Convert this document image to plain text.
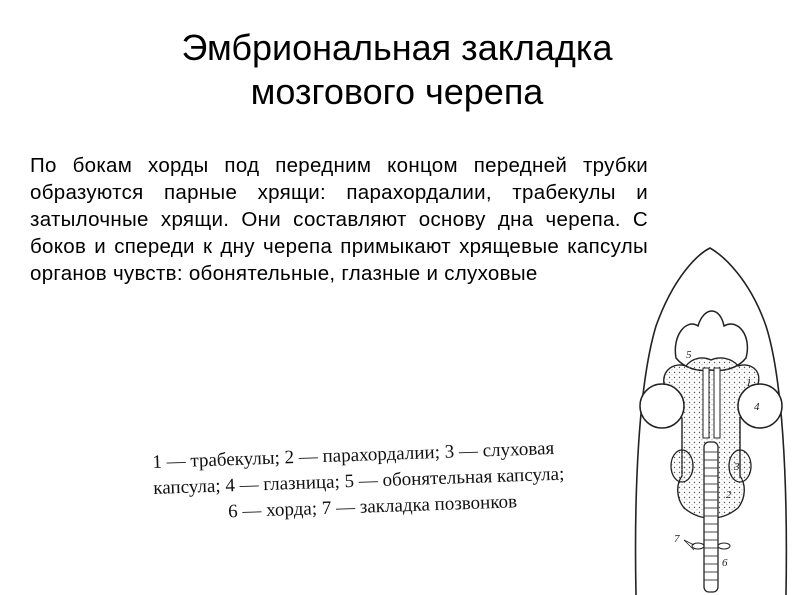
Эмбриональная закладка
мозгового черепа
По бокам хорды под передним концом передней трубки образуются парные хрящи: парахордалии, трабекулы и затылочные хрящи. Они составляют основу дна черепа. С боков и спереди к дну черепа примыкают хрящевые капсулы органов чувств: обонятельные, глазные и слуховые
1 — трабекулы; 2 — парахордалии; 3 — слуховая
капсула; 4 — глазница; 5 — обонятельная капсула;
6 — хорда; 7 — закладка позвонков
5
4
1
3
2
7
6
